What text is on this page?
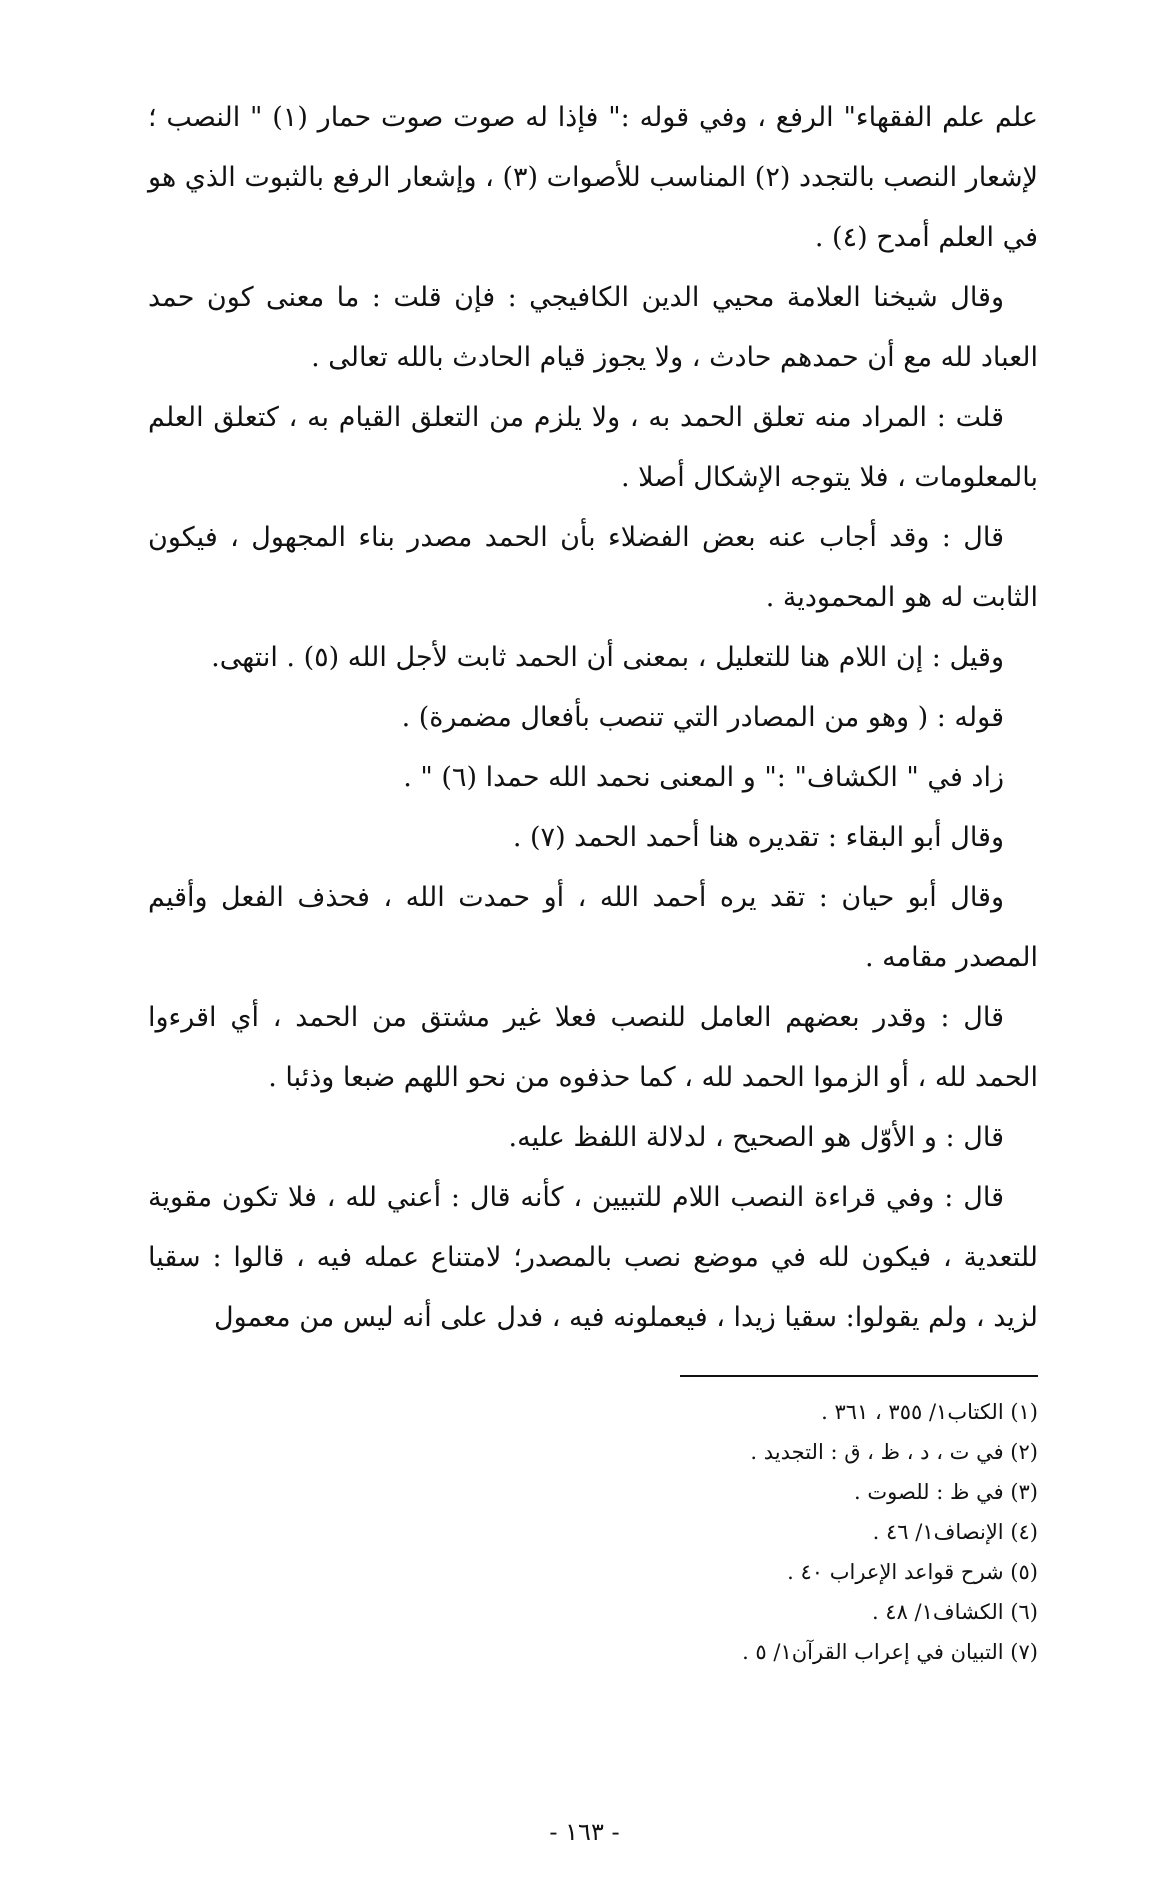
علم علم الفقهاء" الرفع ، وفي قوله :" فإذا له صوت صوت حمار (١) " النصب ؛ لإشعار النصب بالتجدد (٢) المناسب للأصوات (٣) ، وإشعار الرفع بالثبوت الذي هو في العلم أمدح (٤) .

وقال شيخنا العلامة محيي الدين الكافيجي : فإن قلت : ما معنى كون حمد العباد لله مع أن حمدهم حادث ، ولا يجوز قيام الحادث بالله تعالى .

قلت : المراد منه تعلق الحمد به ، ولا يلزم من التعلق القيام به ، كتعلق العلم بالمعلومات ، فلا يتوجه الإشكال أصلا .

قال : وقد أجاب عنه بعض الفضلاء بأن الحمد مصدر بناء المجهول ، فيكون الثابت له هو المحمودية .

وقيل : إن اللام هنا للتعليل ، بمعنى أن الحمد ثابت لأجل الله (٥) . انتهى.

قوله : ( وهو من المصادر التي تنصب بأفعال مضمرة) .

زاد في " الكشاف" :" و المعنى نحمد الله حمدا (٦) " .

وقال أبو البقاء : تقديره هنا أحمد الحمد (٧) .

وقال أبو حيان : تقد يره أحمد الله ، أو حمدت الله ، فحذف الفعل وأقيم المصدر مقامه .

قال : وقدر بعضهم العامل للنصب فعلا غير مشتق من الحمد ، أي اقرءوا الحمد لله ، أو الزموا الحمد لله ، كما حذفوه من نحو اللهم ضبعا وذئبا .

قال : و الأوّل هو الصحيح ، لدلالة اللفظ عليه.

قال : وفي قراءة النصب اللام للتبيين ، كأنه قال : أعني لله ، فلا تكون مقوية للتعدية ، فيكون لله في موضع نصب بالمصدر؛ لامتناع عمله فيه ، قالوا : سقيا لزيد ، ولم يقولوا: سقيا زيدا ، فيعملونه فيه ، فدل على أنه ليس من معمول

(١) الكتاب١/ ٣٥٥ ، ٣٦١ .

(٢) في ت ، د ، ظ ، ق : التجديد .

(٣) في ظ : للصوت .

(٤) الإنصاف١/ ٤٦ .

(٥) شرح قواعد الإعراب ٤٠ .

(٦) الكشاف١/ ٤٨ .

(٧) التبيان في إعراب القرآن١/ ٥ .

- ١٦٣ -
